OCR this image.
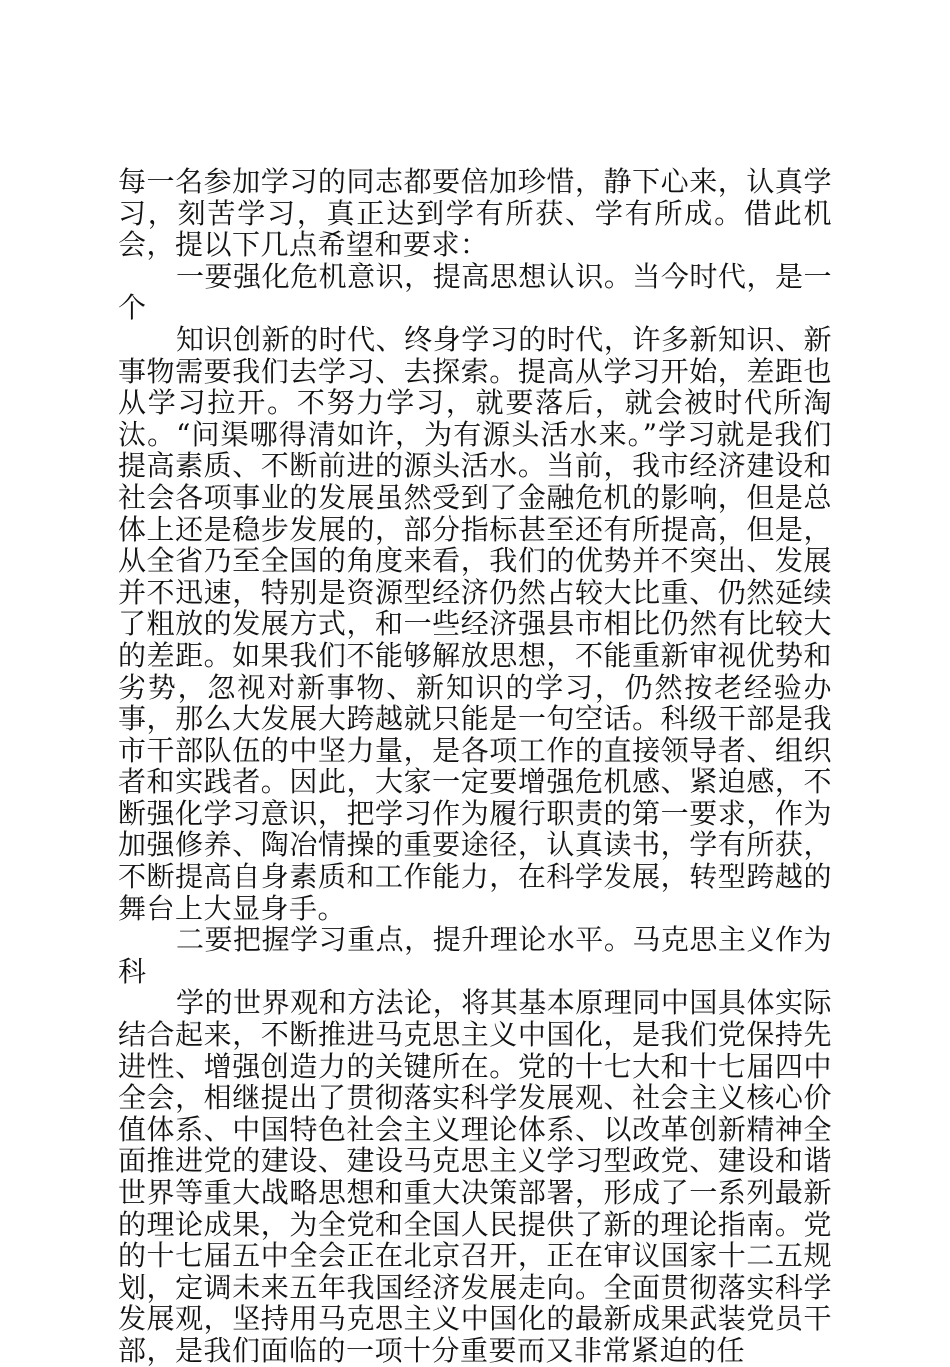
每一名参加学习的同志都要倍加珍惜，静下心来，认真学习，刻苦学习，真正达到学有所获、学有所成。借此机会，提以下几点希望和要求：

一要强化危机意识，提高思想认识。当今时代，是一个

知识创新的时代、终身学习的时代，许多新知识、新事物需要我们去学习、去探索。提高从学习开始，差距也从学习拉开。不努力学习，就要落后，就会被时代所淘汰。“问渠哪得清如许，为有源头活水来。”学习就是我们提高素质、不断前进的源头活水。当前，我市经济建设和社会各项事业的发展虽然受到了金融危机的影响，但是总体上还是稳步发展的，部分指标甚至还有所提高，但是，从全省乃至全国的角度来看，我们的优势并不突出、发展并不迅速，特别是资源型经济仍然占较大比重、仍然延续了粗放的发展方式，和一些经济强县市相比仍然有比较大的差距。如果我们不能够解放思想，不能重新审视优势和劣势，忽视对新事物、新知识的学习，仍然按老经验办事，那么大发展大跨越就只能是一句空话。科级干部是我市干部队伍的中坚力量，是各项工作的直接领导者、组织者和实践者。因此，大家一定要增强危机感、紧迫感，不断强化学习意识，把学习作为履行职责的第一要求，作为加强修养、陶冶情操的重要途径，认真读书，学有所获，不断提高自身素质和工作能力，在科学发展，转型跨越的舞台上大显身手。

二要把握学习重点，提升理论水平。马克思主义作为科

学的世界观和方法论，将其基本原理同中国具体实际结合起来，不断推进马克思主义中国化，是我们党保持先进性、增强创造力的关键所在。党的十七大和十七届四中全会，相继提出了贯彻落实科学发展观、社会主义核心价值体系、中国特色社会主义理论体系、以改革创新精神全面推进党的建设、建设马克思主义学习型政党、建设和谐世界等重大战略思想和重大决策部署，形成了一系列最新的理论成果，为全党和全国人民提供了新的理论指南。党的十七届五中全会正在北京召开，正在审议国家十二五规划，定调未来五年我国经济发展走向。全面贯彻落实科学发展观，坚持用马克思主义中国化的最新成果武装党员干部，是我们面临的一项十分重要而又非常紧迫的任
